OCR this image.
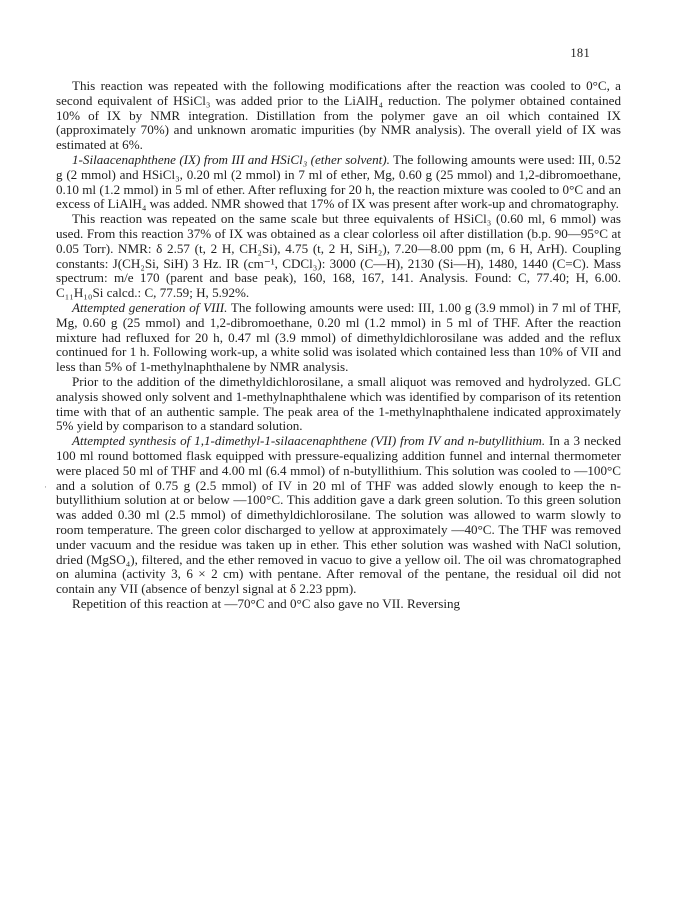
181

This reaction was repeated with the following modifications after the reaction was cooled to 0°C, a second equivalent of HSiCl₃ was added prior to the LiAlH₄ reduction. The polymer obtained contained 10% of IX by NMR integration. Distillation from the polymer gave an oil which contained IX (approximately 70%) and unknown aromatic impurities (by NMR analysis). The overall yield of IX was estimated at 6%.

1-Silaacenaphthene (IX) from III and HSiCl₃ (ether solvent). The following amounts were used: III, 0.52 g (2 mmol) and HSiCl₃, 0.20 ml (2 mmol) in 7 ml of ether, Mg, 0.60 g (25 mmol) and 1,2-dibromoethane, 0.10 ml (1.2 mmol) in 5 ml of ether. After refluxing for 20 h, the reaction mixture was cooled to 0°C and an excess of LiAlH₄ was added. NMR showed that 17% of IX was present after work-up and chromatography.

This reaction was repeated on the same scale but three equivalents of HSiCl₃ (0.60 ml, 6 mmol) was used. From this reaction 37% of IX was obtained as a clear colorless oil after distillation (b.p. 90—95°C at 0.05 Torr). NMR: δ 2.57 (t, 2 H, CH₂Si), 4.75 (t, 2 H, SiH₂), 7.20—8.00 ppm (m, 6 H, ArH). Coupling constants: J(CH₂Si, SiH) 3 Hz. IR (cm⁻¹, CDCl₃): 3000 (C—H), 2130 (Si—H), 1480, 1440 (C=C). Mass spectrum: m/e 170 (parent and base peak), 160, 168, 167, 141. Analysis. Found: C, 77.40; H, 6.00. C₁₁H₁₀Si calcd.: C, 77.59; H, 5.92%.

Attempted generation of VIII. The following amounts were used: III, 1.00 g (3.9 mmol) in 7 ml of THF, Mg, 0.60 g (25 mmol) and 1,2-dibromoethane, 0.20 ml (1.2 mmol) in 5 ml of THF. After the reaction mixture had refluxed for 20 h, 0.47 ml (3.9 mmol) of dimethyldichlorosilane was added and the reflux continued for 1 h. Following work-up, a white solid was isolated which contained less than 10% of VII and less than 5% of 1-methylnaphthalene by NMR analysis.

Prior to the addition of the dimethyldichlorosilane, a small aliquot was removed and hydrolyzed. GLC analysis showed only solvent and 1-methylnaphthalene which was identified by comparison of its retention time with that of an authentic sample. The peak area of the 1-methylnaphthalene indicated approximately 5% yield by comparison to a standard solution.

Attempted synthesis of 1,1-dimethyl-1-silaacenaphthene (VII) from IV and n-butyllithium. In a 3 necked 100 ml round bottomed flask equipped with pressure-equalizing addition funnel and internal thermometer were placed 50 ml of THF and 4.00 ml (6.4 mmol) of n-butyllithium. This solution was cooled to —100°C and a solution of 0.75 g (2.5 mmol) of IV in 20 ml of THF was added slowly enough to keep the n-butyllithium solution at or below —100°C. This addition gave a dark green solution. To this green solution was added 0.30 ml (2.5 mmol) of dimethyldichlorosilane. The solution was allowed to warm slowly to room temperature. The green color discharged to yellow at approximately —40°C. The THF was removed under vacuum and the residue was taken up in ether. This ether solution was washed with NaCl solution, dried (MgSO₄), filtered, and the ether removed in vacuo to give a yellow oil. The oil was chromatographed on alumina (activity 3, 6 × 2 cm) with pentane. After removal of the pentane, the residual oil did not contain any VII (absence of benzyl signal at δ 2.23 ppm).

Repetition of this reaction at —70°C and 0°C also gave no VII. Reversing

·
